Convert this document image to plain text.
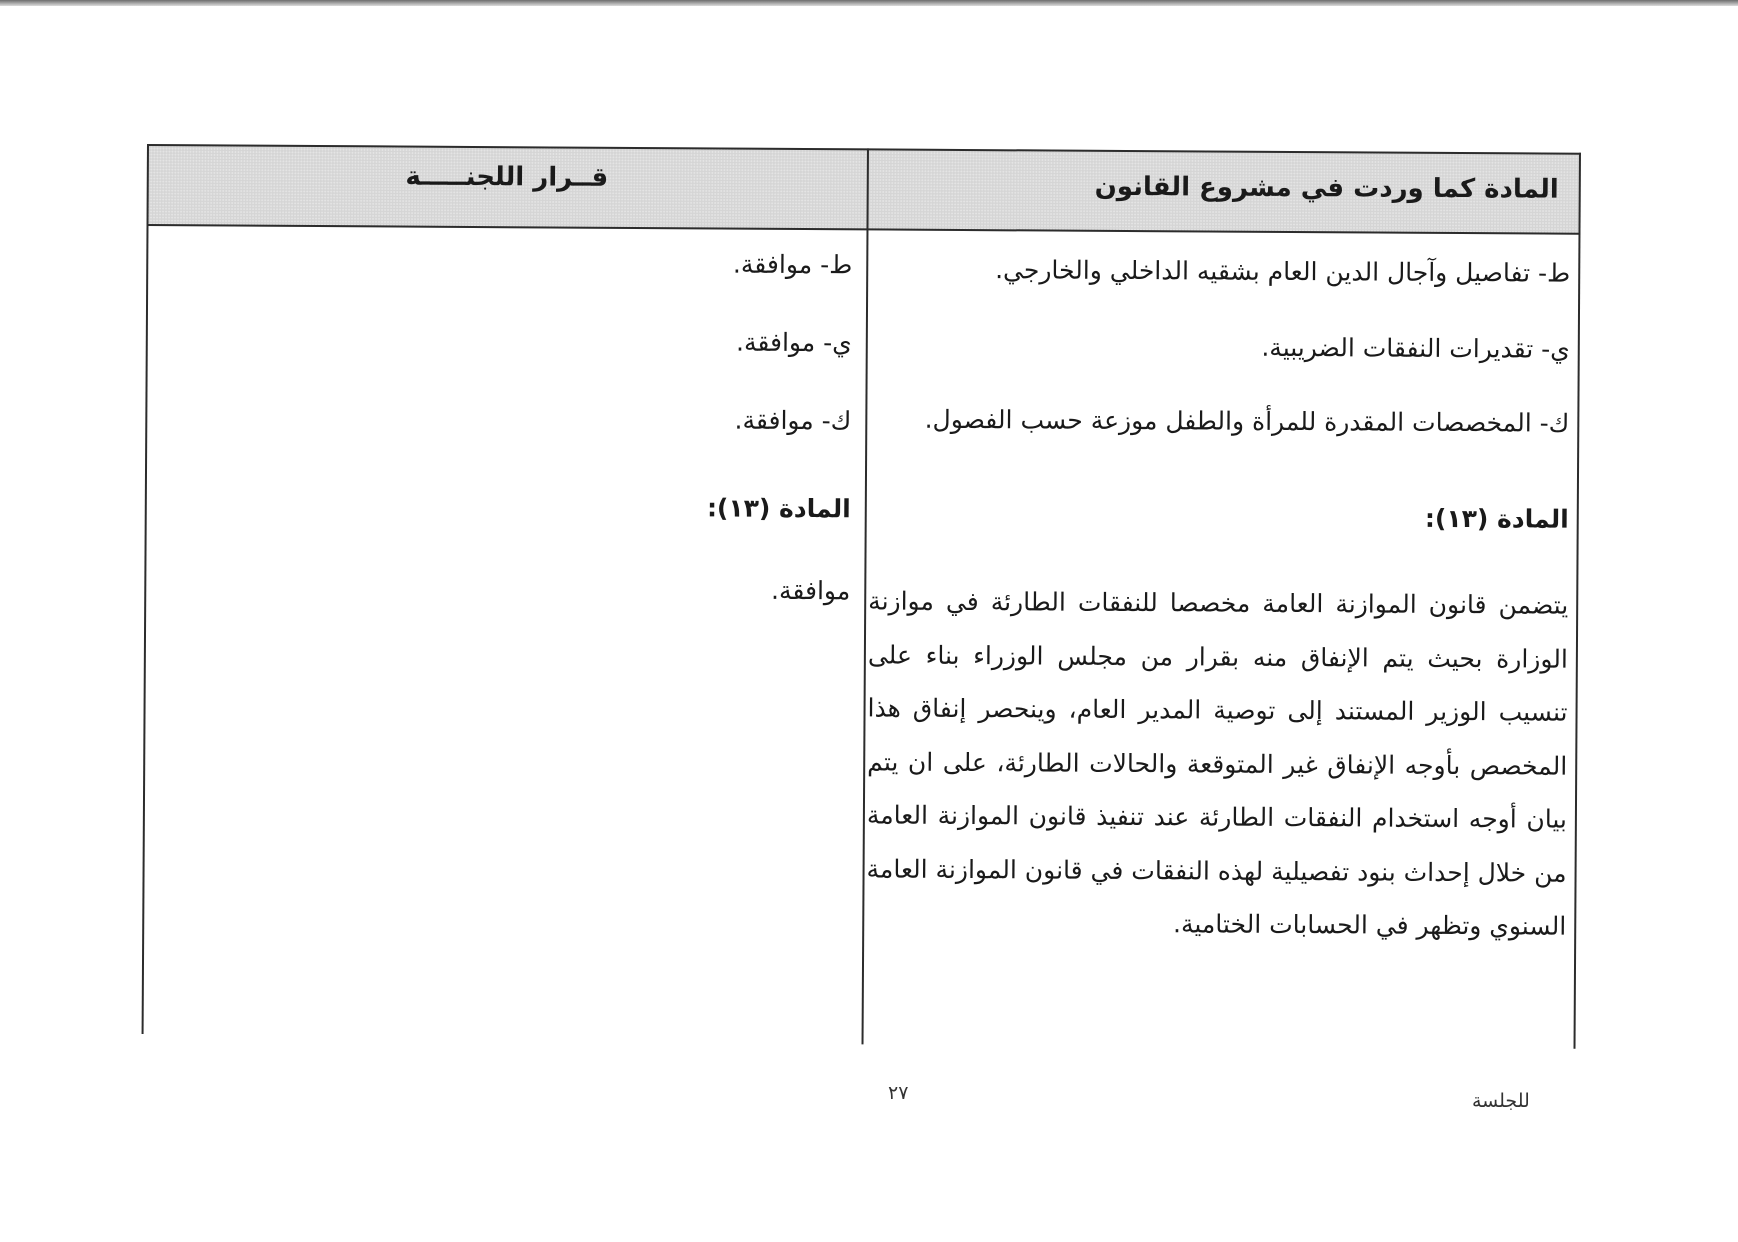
المادة كما وردت في مشروع القانون
قــرار اللجنـــــة
ط- تفاصيل وآجال الدين العام بشقيه الداخلي والخارجي.
ط- موافقة.
ي- تقديرات النفقات الضريبية.
ي- موافقة.
ك- المخصصات المقدرة للمرأة والطفل موزعة حسب الفصول.
ك- موافقة.
المادة (١٣):
المادة (١٣):
يتضمن قانون الموازنة العامة مخصصا للنفقات الطارئة في موازنة الوزارة بحيث يتم الإنفاق منه بقرار من مجلس الوزراء بناء على تنسيب الوزير المستند إلى توصية المدير العام، وينحصر إنفاق هذا المخصص بأوجه الإنفاق غير المتوقعة والحالات الطارئة، على ان يتم بيان أوجه استخدام النفقات الطارئة عند تنفيذ قانون الموازنة العامة من خلال إحداث بنود تفصيلية لهذه النفقات في قانون الموازنة العامة السنوي وتظهر في الحسابات الختامية.
موافقة.
٢٧	للجلسة
